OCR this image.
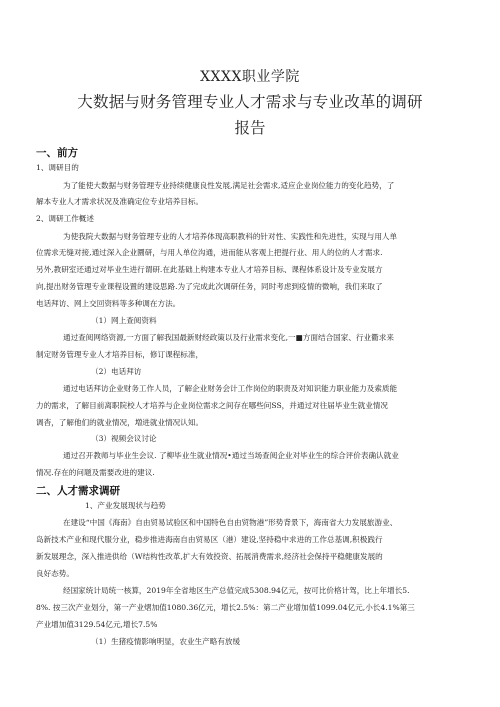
XXXX职业学院
大数据与财务管理专业人才需求与专业改革的调研
报告
一、前方
1、调研目的
为了能使大数据与财务管理专业持续健康良性发展,满足社会需求,适应企业岗位能力的变化趋势，了
解本专业人才需求状况及准确定位专业培养目标。
2、调研工作概述
为使我院大数据与财务管理专业的人才培养体现高职教科的针对性、实践性和先进性，实现与用人单
位需求无缝对接,通过深入企业圜研，与用人单位沟通，进而能从客观上把提行业、用人的位的人才需求.
另外,教研室还通过对毕业生进行谓研.在此基础上构建本专业人才培养目标、课程体系设计及专业发展方
向,提出财务管理专业课程设置的建设思路.为了完成此次调研任务，同时考虑到疫情的微响，我们来取了
电话拜访、网上交回资料等多种调在方法。
（1）网上查阅资料
通过查阅网络资源,一方面了解我国最新财经政策以及行业需求变化,一■方面结合国家、行业衢求来
制定财务管理专业人才培养目标，修订课程标准，
（2）电话拜访
通过电话拜访企业财务工作人员，了解企业财务会计工作岗位的职责及对知识能力职业能力及索质能
力的需求，了解目前离职院校人才培养与企业岗位需求之间存在哪些问SS，并通过对往届毕业生就业情况
调杳，了解他们的就业情况，増进就业情况认知。
（3）视频会议讨论
通过召开教师与毕业生会议. 了柳毕业生就业情况•通过当场查阅企业对毕业生的综合评价表确认就业
情况.存在的问题及需要改进的建议.
二、人才需求调研
1、产业发展现状与趋势
在建设“中国《海南》自由贸易试验区和中国特色自由贸物港”形势背景下，海南省大力发展旅游业、
岛新技术产业和现代服分业，稳步推进海南自由贸易区（港）建设,坚持稳中求进的工作总基调,积极践行
新发展理念，深入推进供给（W结构性改革,扩大有效投资、拓展消费需求,经济社会保持平稳健康发展的
良好态势。
经国家统计局统一核算，2019年全省地区生产总值完成5308.94亿元，按可比价格计驾，比上年增长5.
8%. 按三次产业划分，第一产业熠加值1080.36亿元，增长2.5%：第二产业增加值1099.04亿元,小长4.1%第三
产业增加值3129.54亿元,增长7.5%
（1）生猪疫情影响明显，农业生产略有放缓
